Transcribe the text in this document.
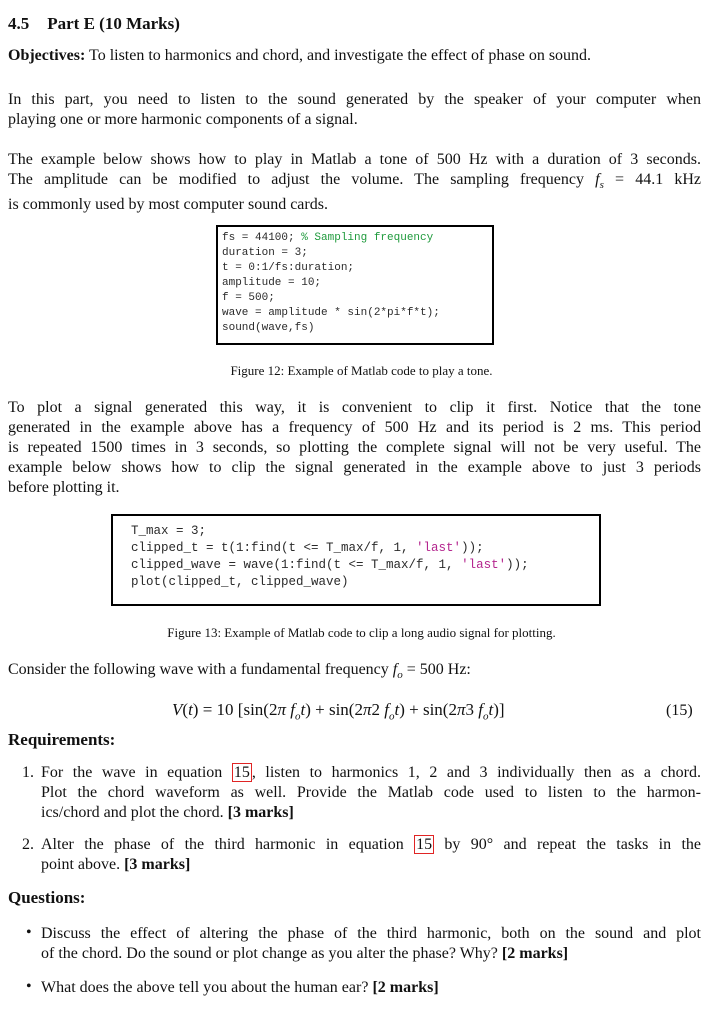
4.5 Part E (10 Marks)
Objectives: To listen to harmonics and chord, and investigate the effect of phase on sound.
In this part, you need to listen to the sound generated by the speaker of your computer when
playing one or more harmonic components of a signal.
The example below shows how to play in Matlab a tone of 500 Hz with a duration of 3 seconds.
The amplitude can be modified to adjust the volume. The sampling frequency $f_s = 44.1$ kHz
is commonly used by most computer sound cards.
fs = 44100; % Sampling frequency
duration = 3;
t = 0:1/fs:duration;
amplitude = 10;
f = 500;
wave = amplitude * sin(2*pi*f*t);
sound(wave,fs)
Figure 12: Example of Matlab code to play a tone.
To plot a signal generated this way, it is convenient to clip it first. Notice that the tone
generated in the example above has a frequency of 500 Hz and its period is 2 ms. This period
is repeated 1500 times in 3 seconds, so plotting the complete signal will not be very useful. The
example below shows how to clip the signal generated in the example above to just 3 periods
before plotting it.
T_max = 3;
clipped_t = t(1:find(t <= T_max/f, 1, 'last'));
clipped_wave = wave(1:find(t <= T_max/f, 1, 'last'));
plot(clipped_t, clipped_wave)
Figure 13: Example of Matlab code to clip a long audio signal for plotting.
Consider the following wave with a fundamental frequency $f_o = 500$ Hz:
V(t) = 10 [sin(2π $f_ot) + \sin(2\pi 2$ $f_ot) + \sin(2\pi 3$ $f_ot$)]	(15)
Requirements:
1. For the wave in equation 15 , listen to harmonics 1, 2 and 3 individually then as a chord.
Plot the chord waveform as well. Provide the Matlab code used to listen to the harmon-
ics/chord and plot the chord. [3 marks]
2. Alter the phase of the third harmonic in equation 15 by 90° and repeat the tasks in the
point above. [3 marks]
Questions:
• Discuss the effect of altering the phase of the third harmonic, both on the sound and plot
of the chord. Do the sound or plot change as you alter the phase? Why? [2 marks]
• What does the above tell you about the human ear? [2 marks]
